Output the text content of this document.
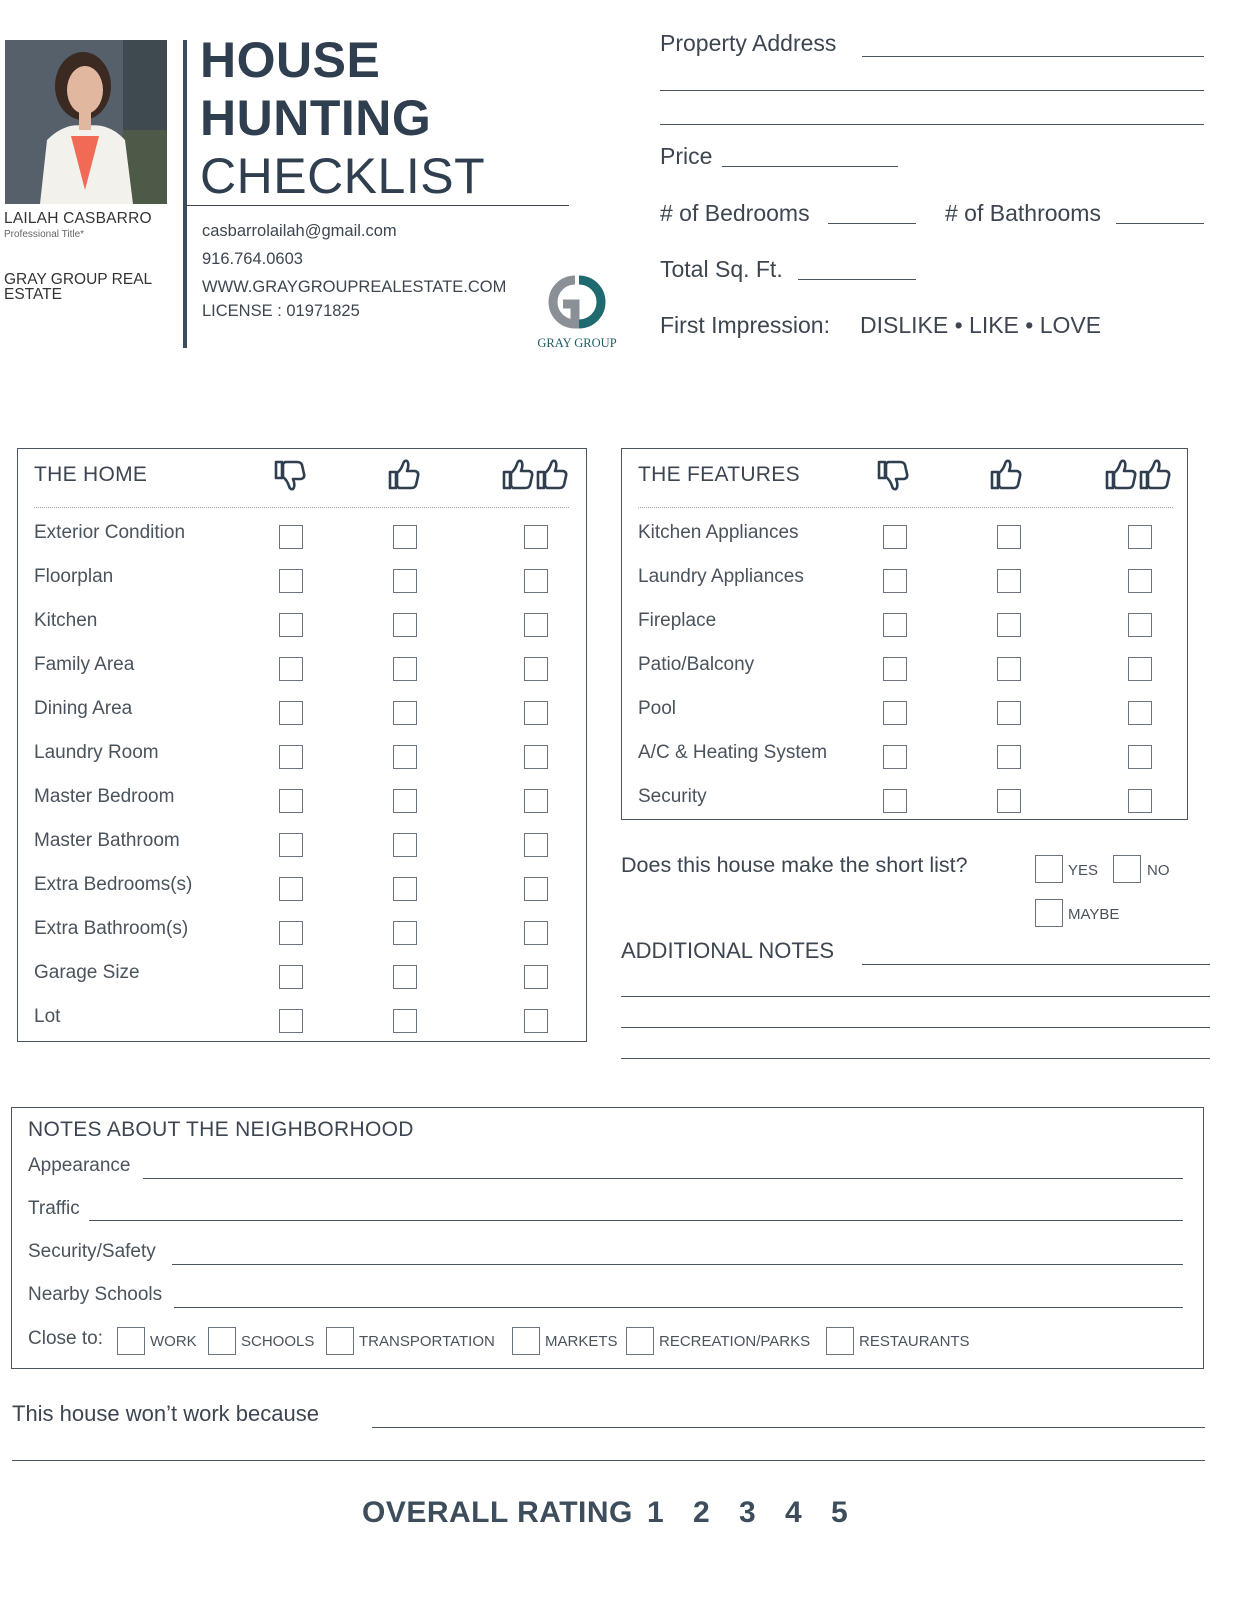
LAILAH CASBARRO
Professional Title*
GRAY GROUP REAL ESTATE
HOUSE
HUNTING
CHECKLIST
casbarrolailah@gmail.com
916.764.0603
WWW.GRAYGROUPREALESTATE.COM
LICENSE : 01971825
GRAY GROUP
Property Address
Price
# of Bedrooms	# of Bathrooms
Total Sq. Ft.
First Impression: DISLIKE • LIKE • LOVE
THE HOME	THE FEATURES
Does this house make the short list?	YES	NO
MAYBE
ADDITIONAL NOTES
NOTES ABOUT THE NEIGHBORHOOD
Appearance
Traffic
Security/Safety
Nearby Schools
Close to:
This house won’t work because
OVERALL RATING
Exterior Condition
Floorplan
Kitchen
Family Area
Dining Area
Laundry Room
Master Bedroom
Master Bathroom
Extra Bedrooms(s)
Extra Bathroom(s)
Garage Size
Lot
Kitchen Appliances
Laundry Appliances
Fireplace
Patio/Balcony
Pool
A/C & Heating System
Security
WORK	SCHOOLS	TRANSPORTATION	MARKETS	RECREATION/PARKS	RESTAURANTS
1 2 3 4 5
